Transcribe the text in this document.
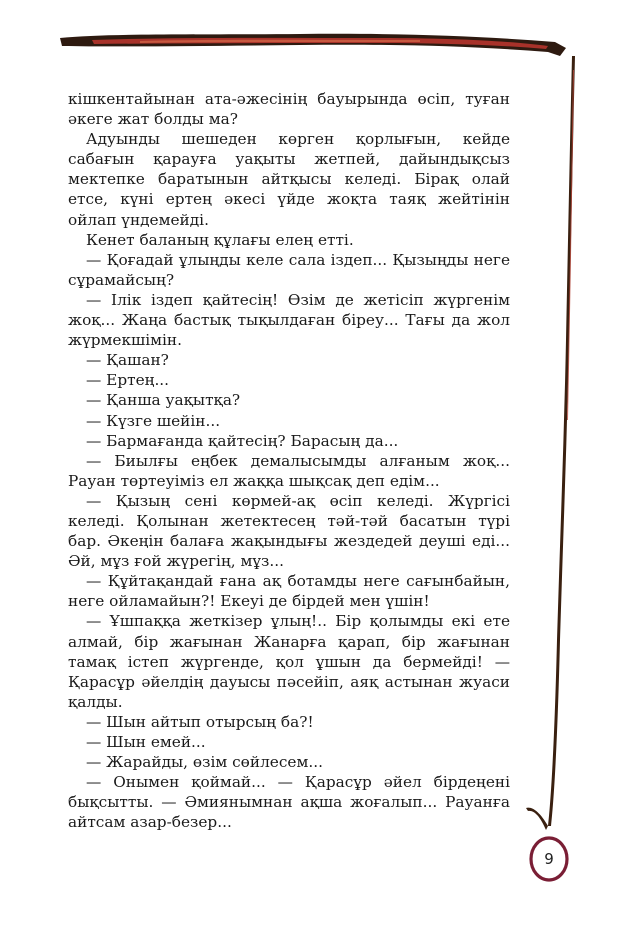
кішкентайынан ата-әжесінің бауырында өсіп, туған әкеге жат болды ма?

Адуынды шешеден көрген қорлығын, кейде сабағын қарауға уақыты жетпей, дайындықсыз мектепке баратынын айтқысы келеді. Бірақ олай етсе, күні ертең әкесі үйде жоқта таяқ жейтінін ойлап үндемейді.

Кенет баланың құлағы елең етті.

— Қоғадай ұлыңды келе сала іздеп... Қызыңды неге сұрамайсың?

— Ілік іздеп қайтесің! Өзім де жетісіп жүргенім жоқ... Жаңа бастық тықылдаған біреу... Тағы да жол жүрмекшімін.

— Қашан?

— Ертең...

— Қанша уақытқа?

— Күзге шейін...

— Бармағанда қайтесің? Барасың да...

— Биылғы еңбек демалысымды алғаным жоқ... Рауан төртеуіміз ел жаққа шықсақ деп едім...

— Қызың сені көрмей-ақ өсіп келеді. Жүргісі келеді. Қолынан жетектесең тәй-тәй басатын түрі бар. Әкеңін балаға жақындығы жездедей деуші еді... Әй, мұз ғой жүрегің, мұз...

— Құйтақандай ғана ақ ботамды неге сағынбайын, неге ойламайын?! Екеуі де бірдей мен үшін!

— Ұшпаққа жеткізер ұлың!.. Бір қолымды екі ете алмай, бір жағынан Жанарға қарап, бір жағынан тамақ істеп жүргенде, қол ұшын да бермейді! — Қарасұр әйелдің дауысы пәсейіп, аяқ астынан жуаси қалды.

— Шын айтып отырсың ба?!

— Шын емей...

— Жарайды, өзім сөйлесем...

— Онымен қоймай... — Қарасұр әйел бірдеңені бықсытты. — Әмиянымнан ақша жоғалып... Рауанға айтсам азар-безер...

9
